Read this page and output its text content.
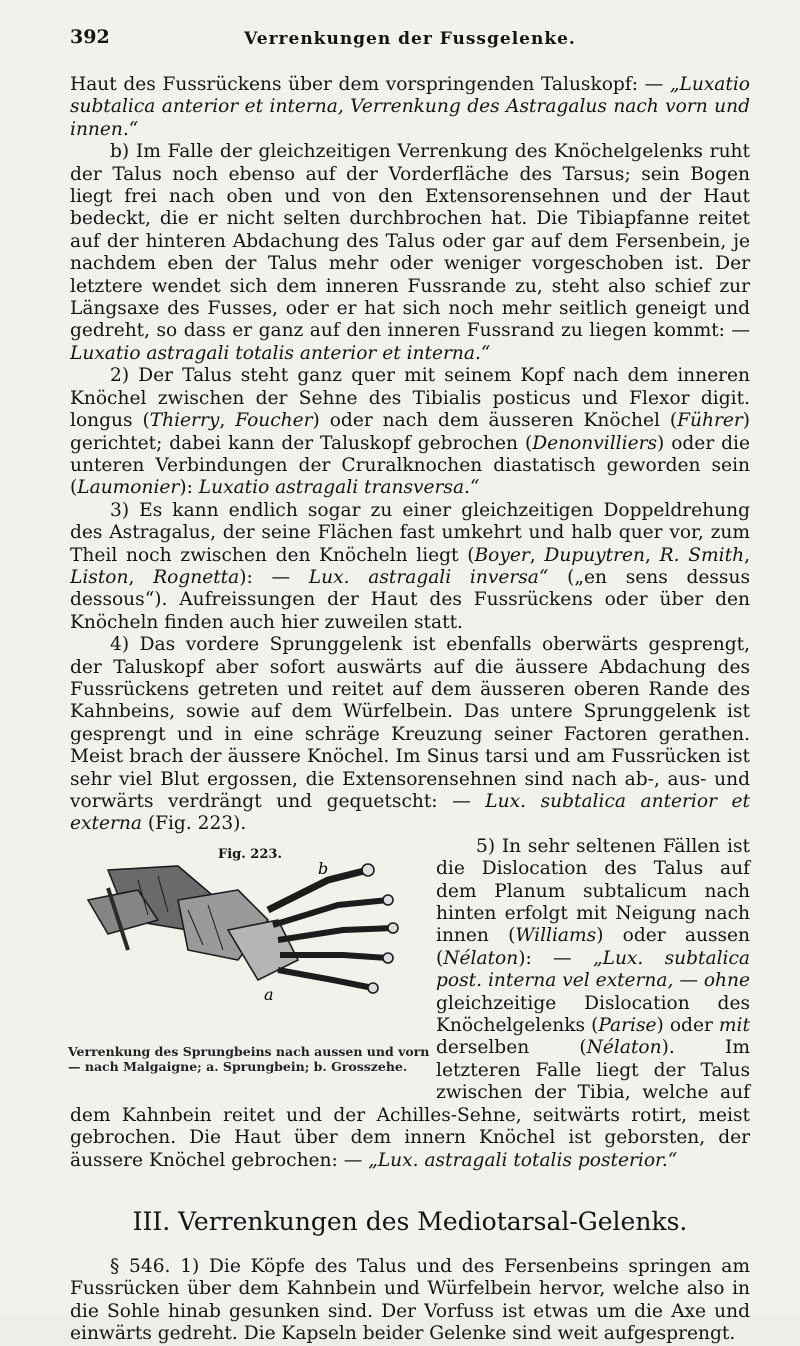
392	Verrenkungen der Fussgelenke.

Haut des Fussrückens über dem vorspringenden Taluskopf: — „Luxatio subtalica anterior et interna, Verrenkung des Astragalus nach vorn und innen.“

b) Im Falle der gleichzeitigen Verrenkung des Knöchelgelenks ruht der Talus noch ebenso auf der Vorderfläche des Tarsus; sein Bogen liegt frei nach oben und von den Extensorensehnen und der Haut bedeckt, die er nicht selten durchbrochen hat. Die Tibiapfanne reitet auf der hinteren Abdachung des Talus oder gar auf dem Fersenbein, je nachdem eben der Talus mehr oder weniger vorgeschoben ist. Der letztere wendet sich dem inneren Fussrande zu, steht also schief zur Längsaxe des Fusses, oder er hat sich noch mehr seitlich geneigt und gedreht, so dass er ganz auf den inneren Fussrand zu liegen kommt: — Luxatio astragali totalis anterior et interna.“

2) Der Talus steht ganz quer mit seinem Kopf nach dem inneren Knöchel zwischen der Sehne des Tibialis posticus und Flexor digit. longus (Thierry, Foucher) oder nach dem äusseren Knöchel (Führer) gerichtet; dabei kann der Taluskopf gebrochen (Denonvilliers) oder die unteren Verbindungen der Cruralknochen diastatisch geworden sein (Laumonier): Luxatio astragali transversa.“

3) Es kann endlich sogar zu einer gleichzeitigen Doppeldrehung des Astragalus, der seine Flächen fast umkehrt und halb quer vor, zum Theil noch zwischen den Knöcheln liegt (Boyer, Dupuytren, R. Smith, Liston, Rognetta): — Lux. astragali inversa“ („en sens dessus dessous“). Aufreissungen der Haut des Fussrückens oder über den Knöcheln finden auch hier zuweilen statt.

4) Das vordere Sprunggelenk ist ebenfalls oberwärts gesprengt, der Taluskopf aber sofort auswärts auf die äussere Abdachung des Fussrückens getreten und reitet auf dem äusseren oberen Rande des Kahnbeins, sowie auf dem Würfelbein. Das untere Sprunggelenk ist gesprengt und in eine schräge Kreuzung seiner Factoren gerathen. Meist brach der äussere Knöchel. Im Sinus tarsi und am Fussrücken ist sehr viel Blut ergossen, die Extensorensehnen sind nach ab-, aus- und vorwärts verdrängt und gequetscht: — Lux. subtalica anterior et externa (Fig. 223).

Fig. 223.
b
a
Verrenkung des Sprungbeins nach aussen und vorn — nach Malgaigne; a. Sprungbein; b. Grosszehe.

5) In sehr seltenen Fällen ist die Dislocation des Talus auf dem Planum subtalicum nach hinten erfolgt mit Neigung nach innen (Williams) oder aussen (Nélaton): — „Lux. subtalica post. interna vel externa, — ohne gleichzeitige Dislocation des Knöchelgelenks (Parise) oder mit derselben (Nélaton). Im letzteren Falle liegt der Talus zwischen der Tibia, welche auf dem Kahnbein reitet und der Achilles-Sehne, seitwärts rotirt, meist gebrochen. Die Haut über dem innern Knöchel ist geborsten, der äussere Knöchel gebrochen: — „Lux. astragali totalis posterior.“

III. Verrenkungen des Mediotarsal-Gelenks.

§ 546. 1) Die Köpfe des Talus und des Fersenbeins springen am Fussrücken über dem Kahnbein und Würfelbein hervor, welche also in die Sohle hinab gesunken sind. Der Vorfuss ist etwas um die Axe und einwärts gedreht. Die Kapseln beider Gelenke sind weit aufgesprengt.
